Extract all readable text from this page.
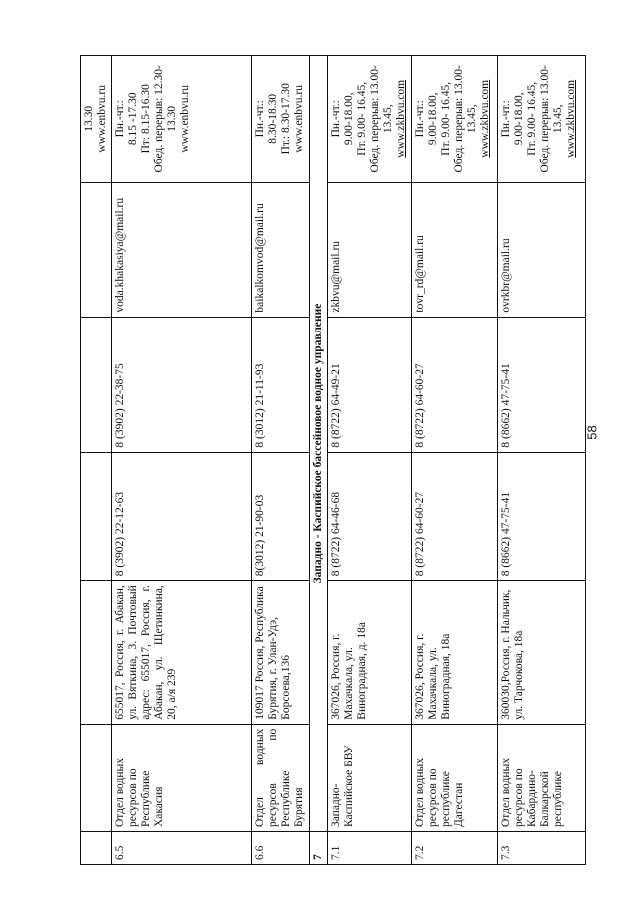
						13.30 www.enbvu.ru

6.5	Отдел водных ресурсов по Республике Хакасия	655017, Россия, г. Абакан, ул. Вяткина, 3. Почтовый адрес: 655017, Россия, г. Абакан, ул. Щетинкина, 20, а/я 239	8 (3902) 22-12-63	8 (3902) 22-38-75	voda.khakasiya@mail.ru	Пн.-чт.: 8.15 -17.30 Пт: 8.15-16.30 Обед. перерыв: 12.30-13.30 www.enbvu.ru

6.6	Отдел водных ресурсов по Республике Бурятия	109017 Россия, Республика Бурятия, г. Улан-Удэ, Борсоева,136	8(3012) 21-90-03	8 (3012) 21-11-93	baikalkomvod@mail.ru	Пн.-чт.: 8.30-18.30 Пт.: 8.30-17.30 www.enbvu.ru

7	Западно - Каспийское бассейновое водное управление					
7.1	Западно-Каспийское БВУ	367026, Россия, г. Махачкала, ул. Виноградная, д. 18а	8 (8722) 64-46-68	8 (8722) 64-49-21	zkbvu@mail.ru	Пн.-чт.: 9.00-18.00, Пт. 9.00- 16.45, Обед. перерыв: 13.00-13.45, www.zkbvu.com

7.2	Отдел водных ресурсов по республике Дагестан	367026, Россия, г. Махачкала, ул. Виноградная, 18а	8 (8722) 64-60-27	8 (8722) 64-60-27	tovr_rd@mail.ru	Пн.-чт.: 9.00-18.00, Пт. 9.00- 16.45, Обед. перерыв: 13.00-13.45, www.zkbvu.com

7.3	Отдел водных ресурсов по Кабардино-Балкарской республике	360030,Россия, г. Нальчик, ул. Тарчокова, 18а	8 (8662) 47-75-41	8 (8662) 47-75-41	ovrkbr@mail.ru	Пн.-чт.: 9.00-18.00, Пт. 9.00- 16.45, Обед. перерыв: 13.00-13.45, www.zkbvu.com
58
